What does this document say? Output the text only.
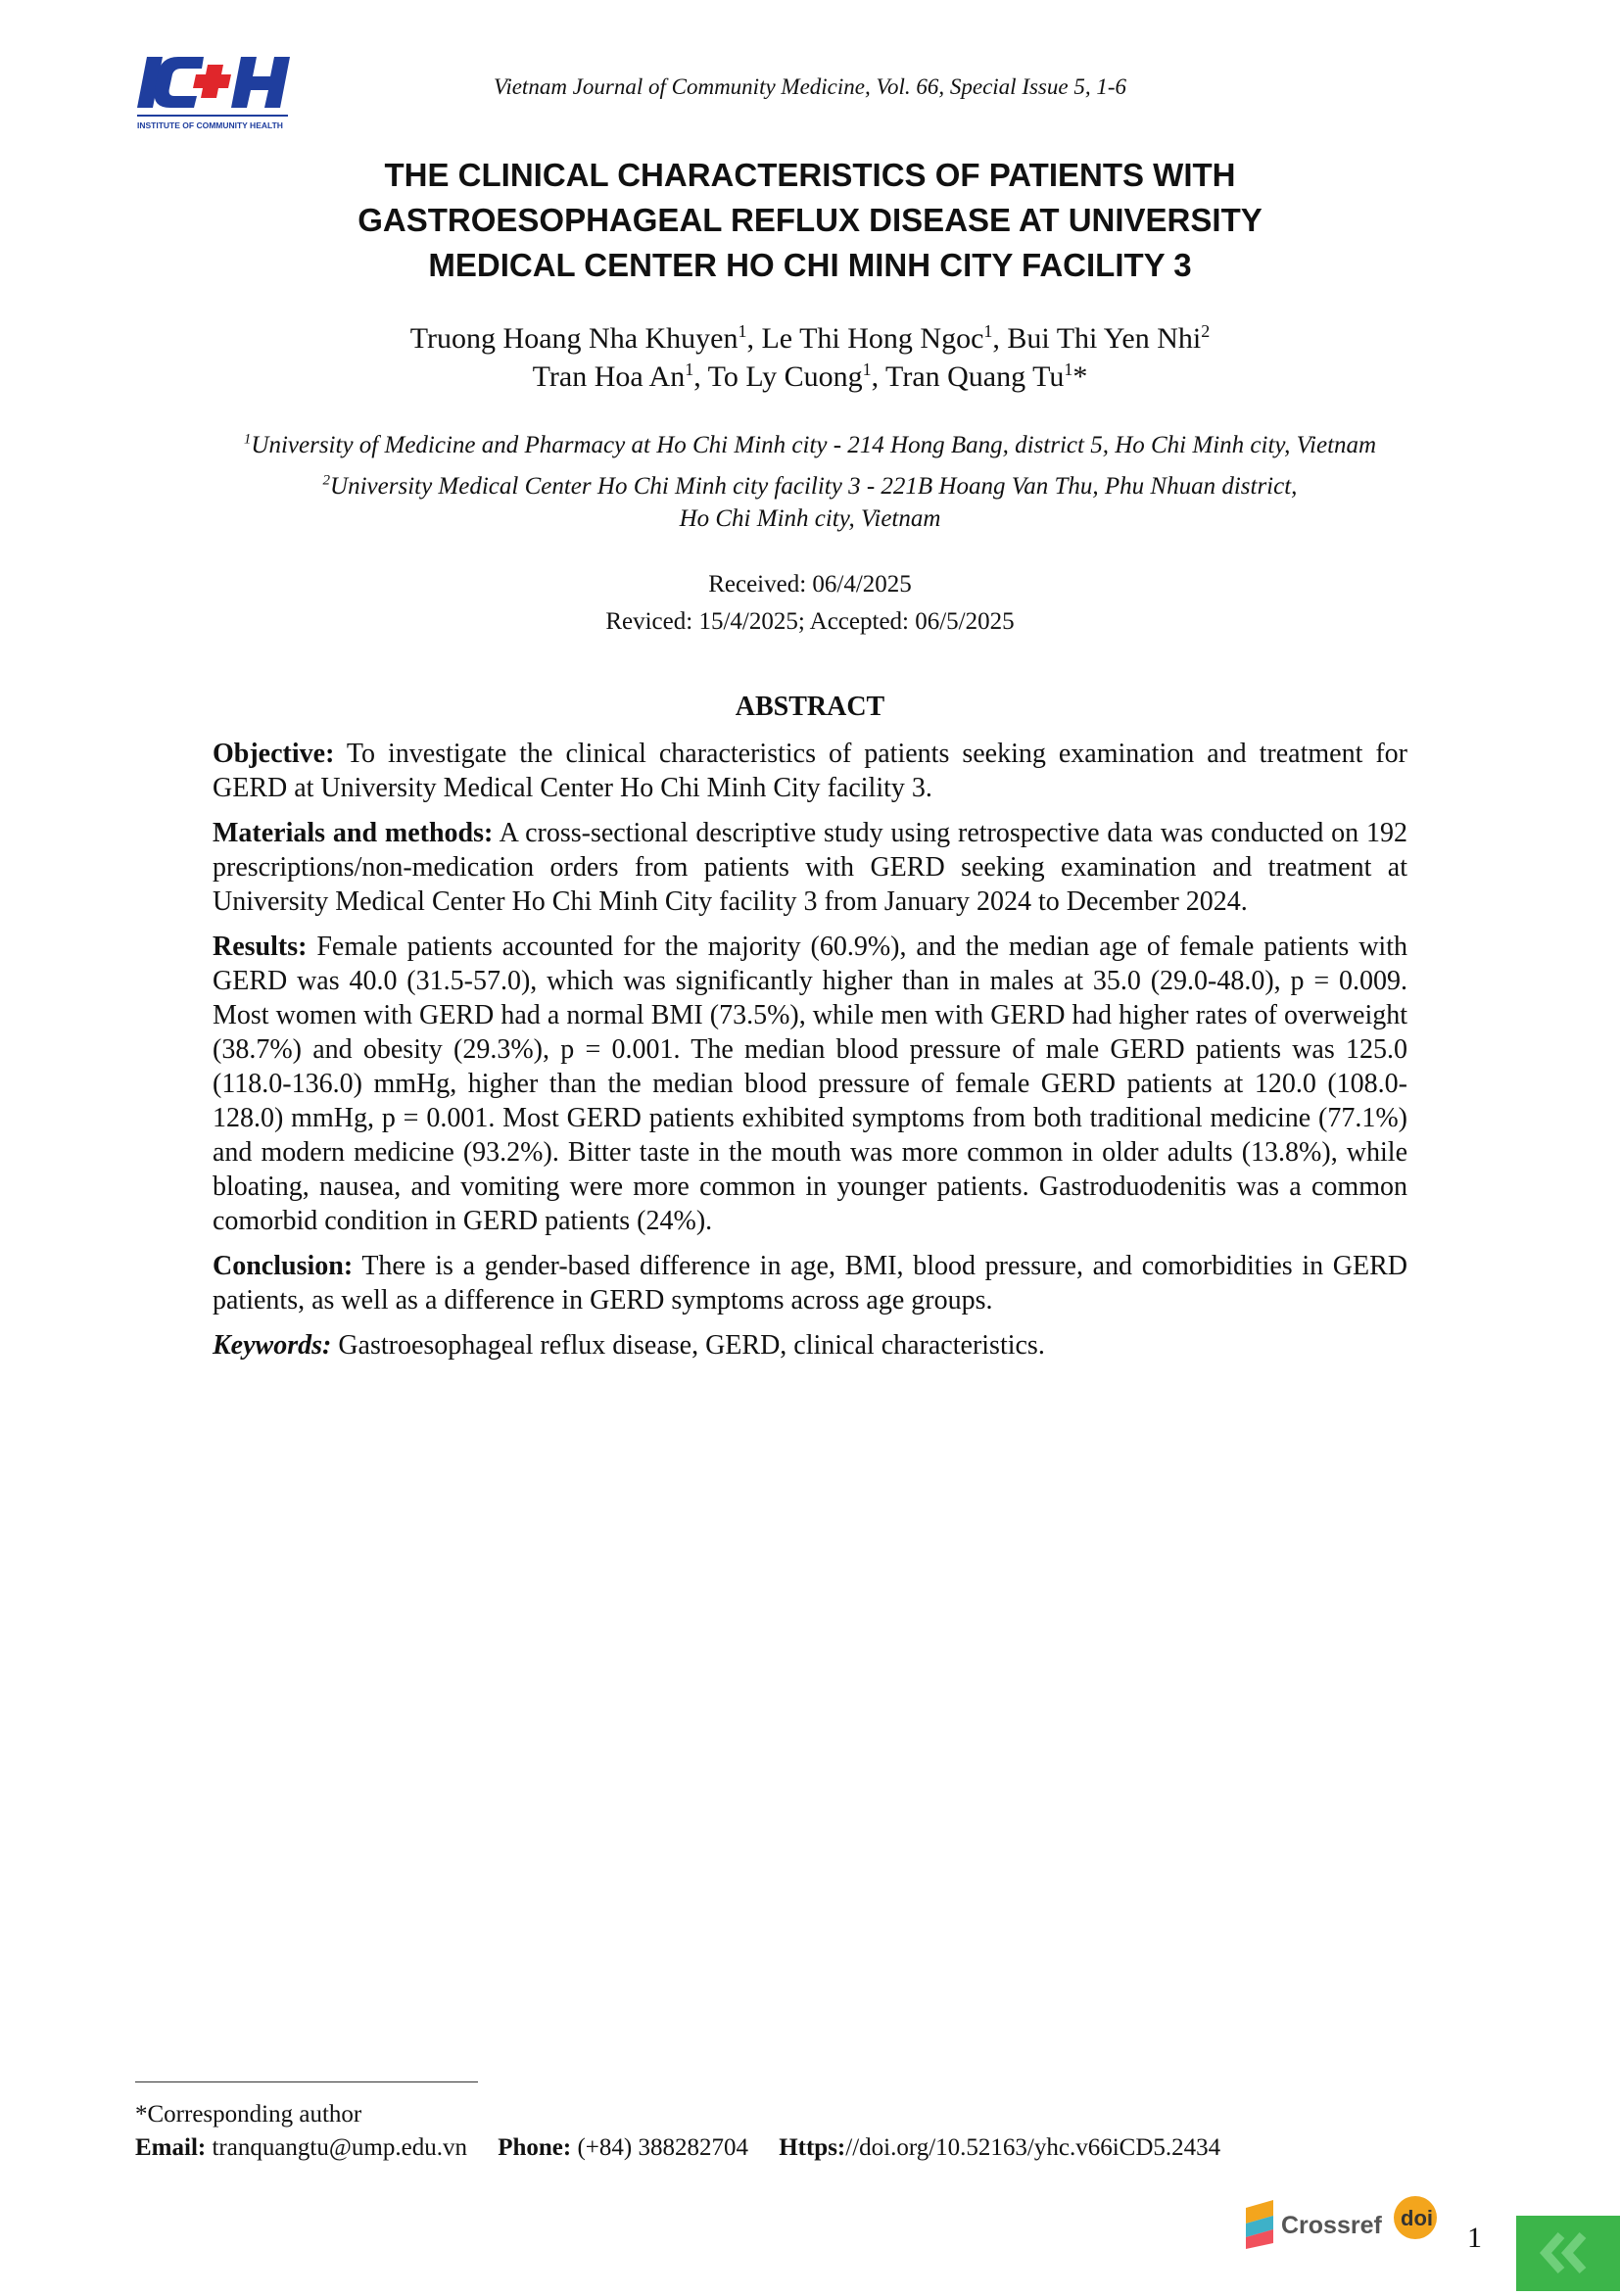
INSTITUTE OF COMMUNITY HEALTH
Vietnam Journal of Community Medicine, Vol. 66, Special Issue 5, 1-6
THE CLINICAL CHARACTERISTICS OF PATIENTS WITH
GASTROESOPHAGEAL REFLUX DISEASE AT UNIVERSITY
MEDICAL CENTER HO CHI MINH CITY FACILITY 3
Truong Hoang Nha Khuyen$^1$, Le Thi Hong Ngoc$^1$, Bui Thi Yen Nhi$^2$
Tran Hoa An$^1$, To Ly Cuong$^1$, Tran Quang Tu$^1$*
$^1$University of Medicine and Pharmacy at Ho Chi Minh city - 214 Hong Bang, district 5, Ho Chi Minh city, Vietnam
$^2$University Medical Center Ho Chi Minh city facility 3 - 221B Hoang Van Thu, Phu Nhuan district,
Ho Chi Minh city, Vietnam
Received: 06/4/2025
Reviced: 15/4/2025; Accepted: 06/5/2025
ABSTRACT

Objective: To investigate the clinical characteristics of patients seeking examination and treatment for GERD at University Medical Center Ho Chi Minh City facility 3.

Materials and methods: A cross-sectional descriptive study using retrospective data was conducted on 192 prescriptions/non-medication orders from patients with GERD seeking examination and treatment at University Medical Center Ho Chi Minh City facility 3 from January 2024 to December 2024.

Results: Female patients accounted for the majority (60.9%), and the median age of female patients with GERD was 40.0 (31.5-57.0), which was significantly higher than in males at 35.0 (29.0-48.0), p = 0.009. Most women with GERD had a normal BMI (73.5%), while men with GERD had higher rates of overweight (38.7%) and obesity (29.3%), p = 0.001. The median blood pressure of male GERD patients was 125.0 (118.0-136.0) mmHg, higher than the median blood pressure of female GERD patients at 120.0 (108.0-128.0) mmHg, p = 0.001. Most GERD patients exhibited symptoms from both traditional medicine (77.1%) and modern medicine (93.2%). Bitter taste in the mouth was more common in older adults (13.8%), while bloating, nausea, and vomiting were more common in younger patients. Gastroduodenitis was a common comorbid condition in GERD patients (24%).

Conclusion: There is a gender-based difference in age, BMI, blood pressure, and comorbidities in GERD patients, as well as a difference in GERD symptoms across age groups.

Keywords: Gastroesophageal reflux disease, GERD, clinical characteristics.

*Corresponding author
Email: tranquangtu@ump.edu.vn Phone: (+84) 388282704 Https://doi.org/10.52163/yhc.v66iCD5.2434
Crossref doi
1
